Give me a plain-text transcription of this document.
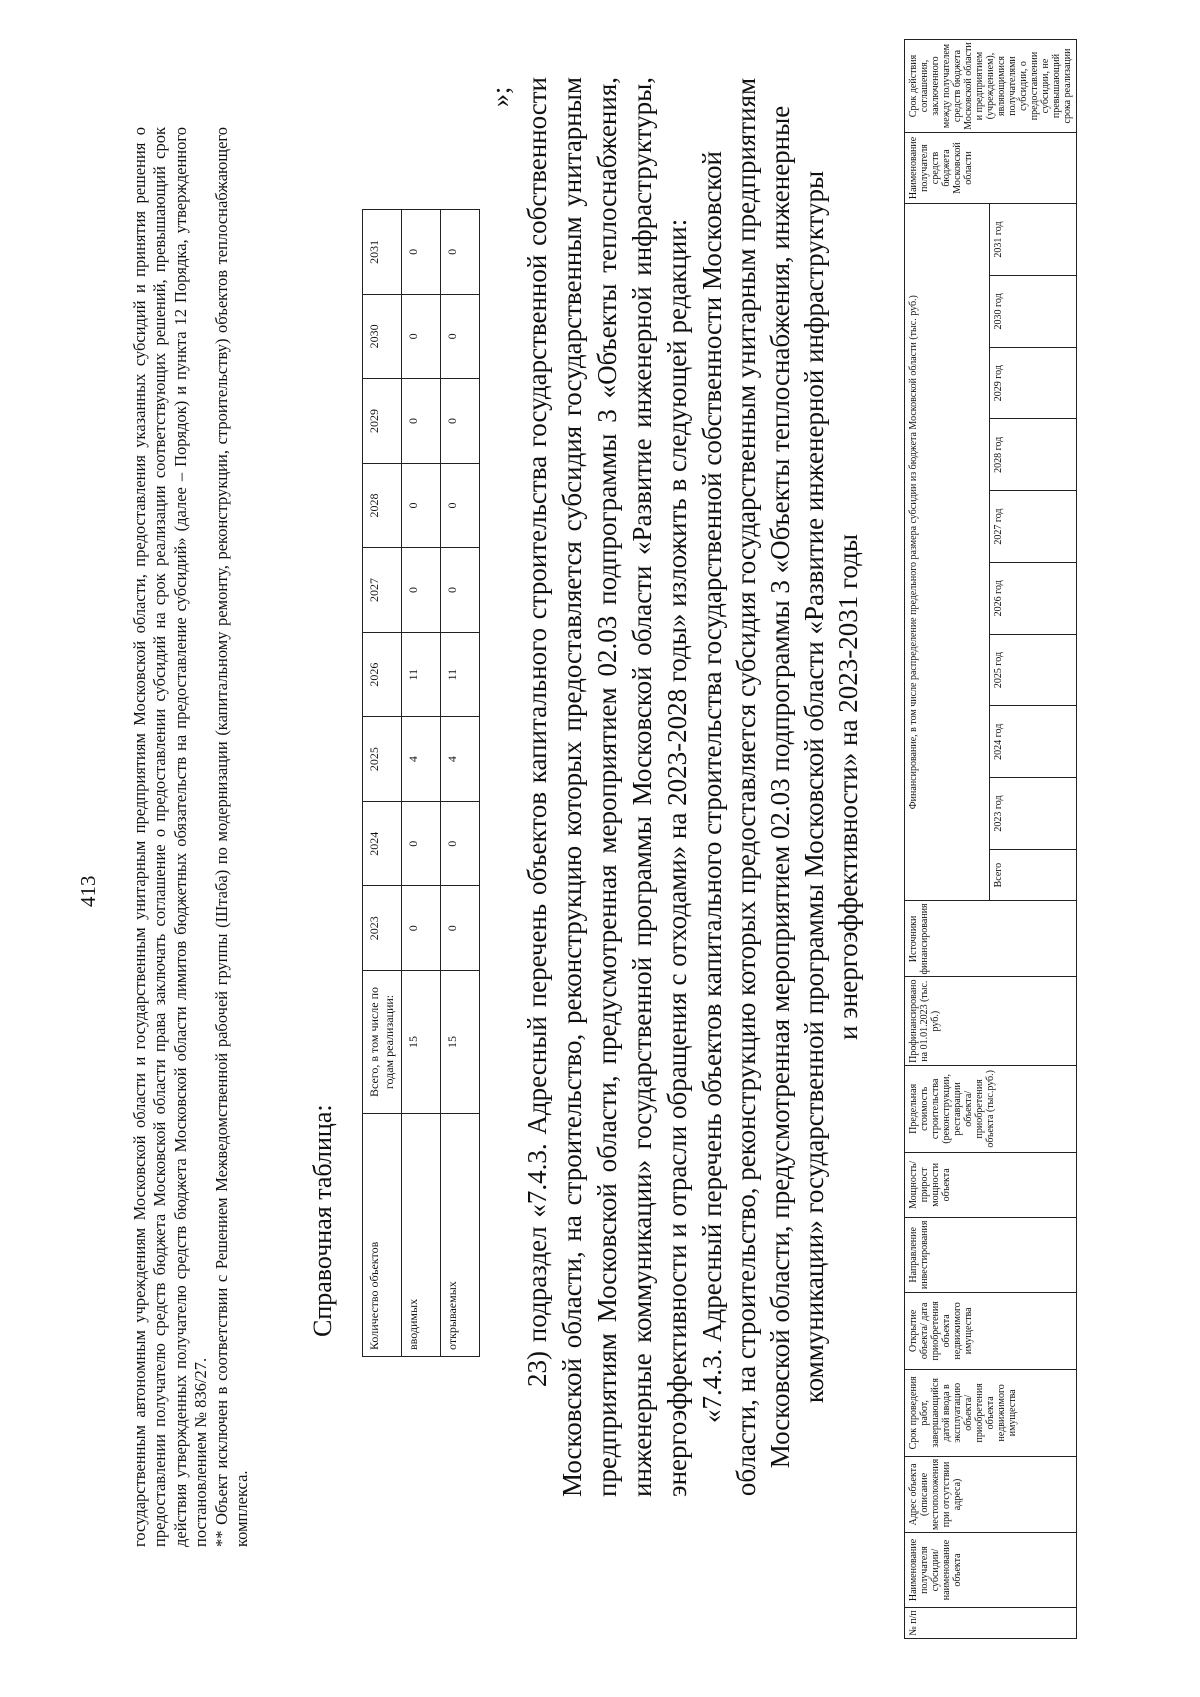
413 государственным автономным учреждениям Московской области и государственным унитарным предприятиям Московской области, предоставления указанных субсидий и принятия решения о предоставлении получателю средств бюджета Московской области права заключать соглашение о предоставлении субсидий на срок реализации соответствующих решений, превышающий срок действия утвержденных получателю средств бюджета Московской области лимитов бюджетных обязательств на предоставление субсидий» (далее – Порядок) и пункта 12 Порядка, утвержденного постановлением № 836/27. ** Объект исключен в соответствии с Решением Межведомственной рабочей группы (Штаба) по модернизации (капитальному ремонту, реконструкции, строительству) объектов теплоснабжающего комплекса.

Справочная таблица:	Количество объектов	Всего, в том числе по годам реализации:	2023	2024	2025	2026	2027	2028	2029	2030	2031
вводимых	15	0	0	4	11	0	0	0	0	0
открываемых	15	0	0	4	11	0	0	0	0	0
»; 23) подраздел «7.4.3. Адресный перечень объектов капитального строительства государственной собственности Московской области, на строительство, реконструкцию которых предоставляется субсидия государственным унитарным предприятиям Московской области, предусмотренная мероприятием 02.03 подпрограммы 3 «Объекты теплоснабжения, инженерные коммуникации» государственной программы Московской области «Развитие инженерной инфраструктуры, энергоэффективности и отрасли обращения с отходами» на 2023-2028 годы» изложить в следующей редакции: «7.4.3. Адресный перечень объектов капитального строительства государственной собственности Московской области, на строительство, реконструкцию которых предоставляется субсидия государственным унитарным предприятиям Московской области, предусмотренная мероприятием 02.03 подпрограммы 3 «Объекты теплоснабжения, инженерные коммуникации» государственной программы Московской области «Развитие инженерной инфраструктуры и энергоэффективности» на 2023-2031 годы

№ п/п	Наименование получателя субсидии/ наименование объекта	Адрес объекта (описание местоположения при отсутствии адреса)	Срок проведения работ, завершающийся датой ввода в эксплуатацию объекта/приобретения объекта недвижимого имущества	Открытие объекта/ дата приобретения объекта недвижимого имущества	Направление инвестирования	Мощность/ прирост мощности объекта	Предельная стоимость строительства (реконструкции, реставрации объекта/приобретения объекта (тыс.руб.)	Профинансировано на 01.01.2023 (тыс. руб.)	Источники финансирования	Финансирование, в том числе распределение предельного размера субсидии из бюджета Московской области (тыс. руб.)										Наименование получателя средств бюджета Московской области	Срок действия соглашения, заключенного между получателем средств бюджета Московской области и предприятием (учреждением), являющимися получателями субсидии, о предоставлении субсидии, не превышающий срока реализации
										Всего	2023 год	2024 год	2025 год	2026 год	2027 год	2028 год	2029 год	2030 год	2031 год		
